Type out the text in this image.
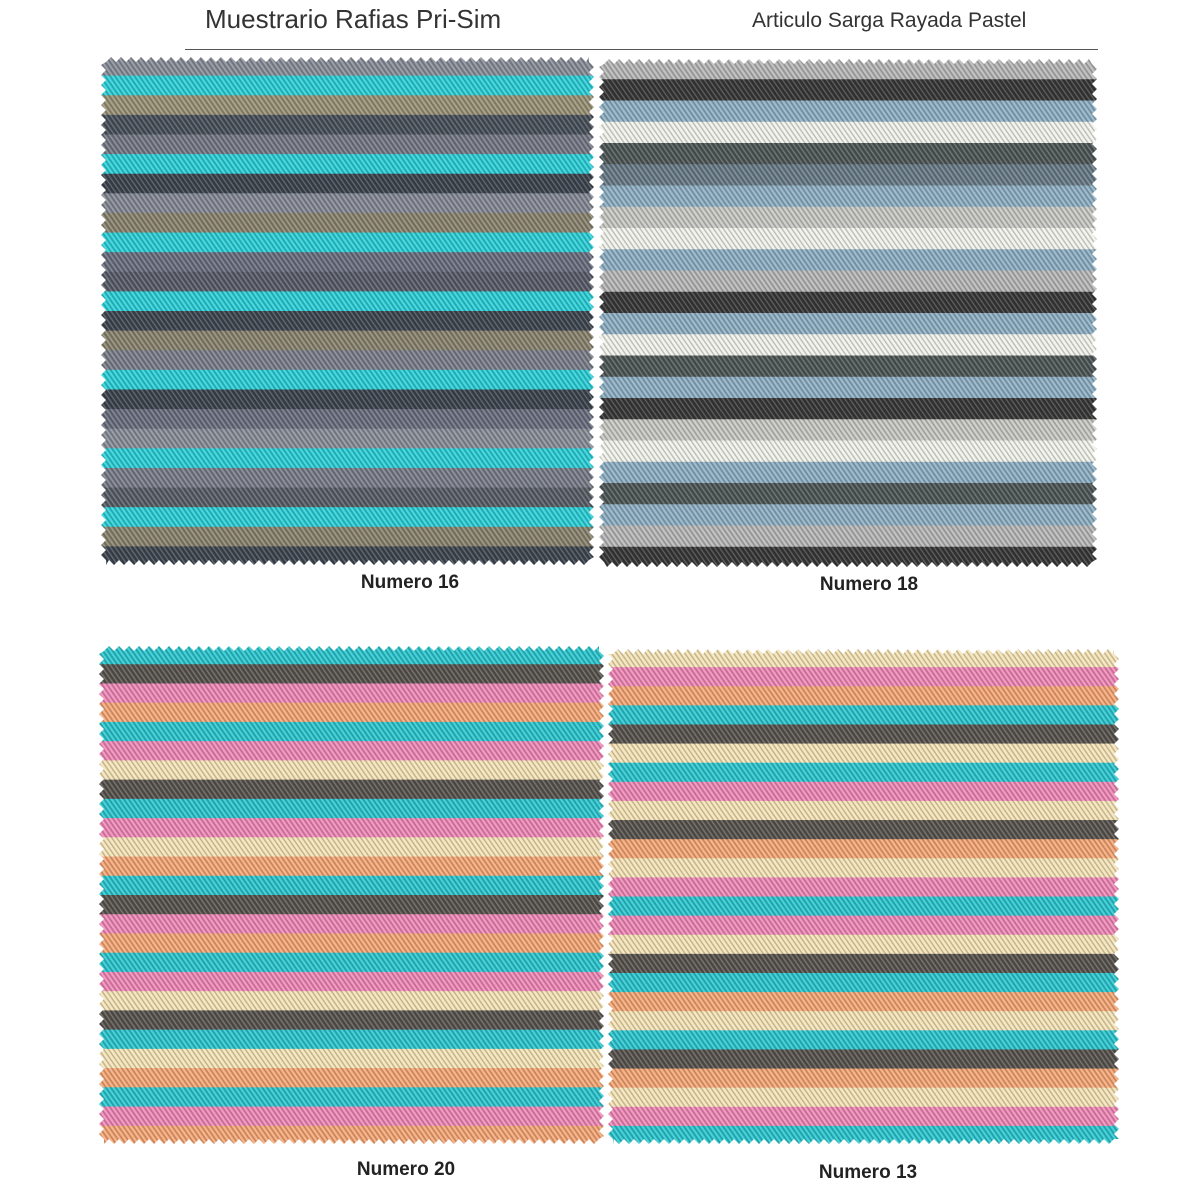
Muestrario Rafias Pri-Sim	Articulo Sarga Rayada Pastel
Numero 16	Numero 18
Numero 20	Numero 13
